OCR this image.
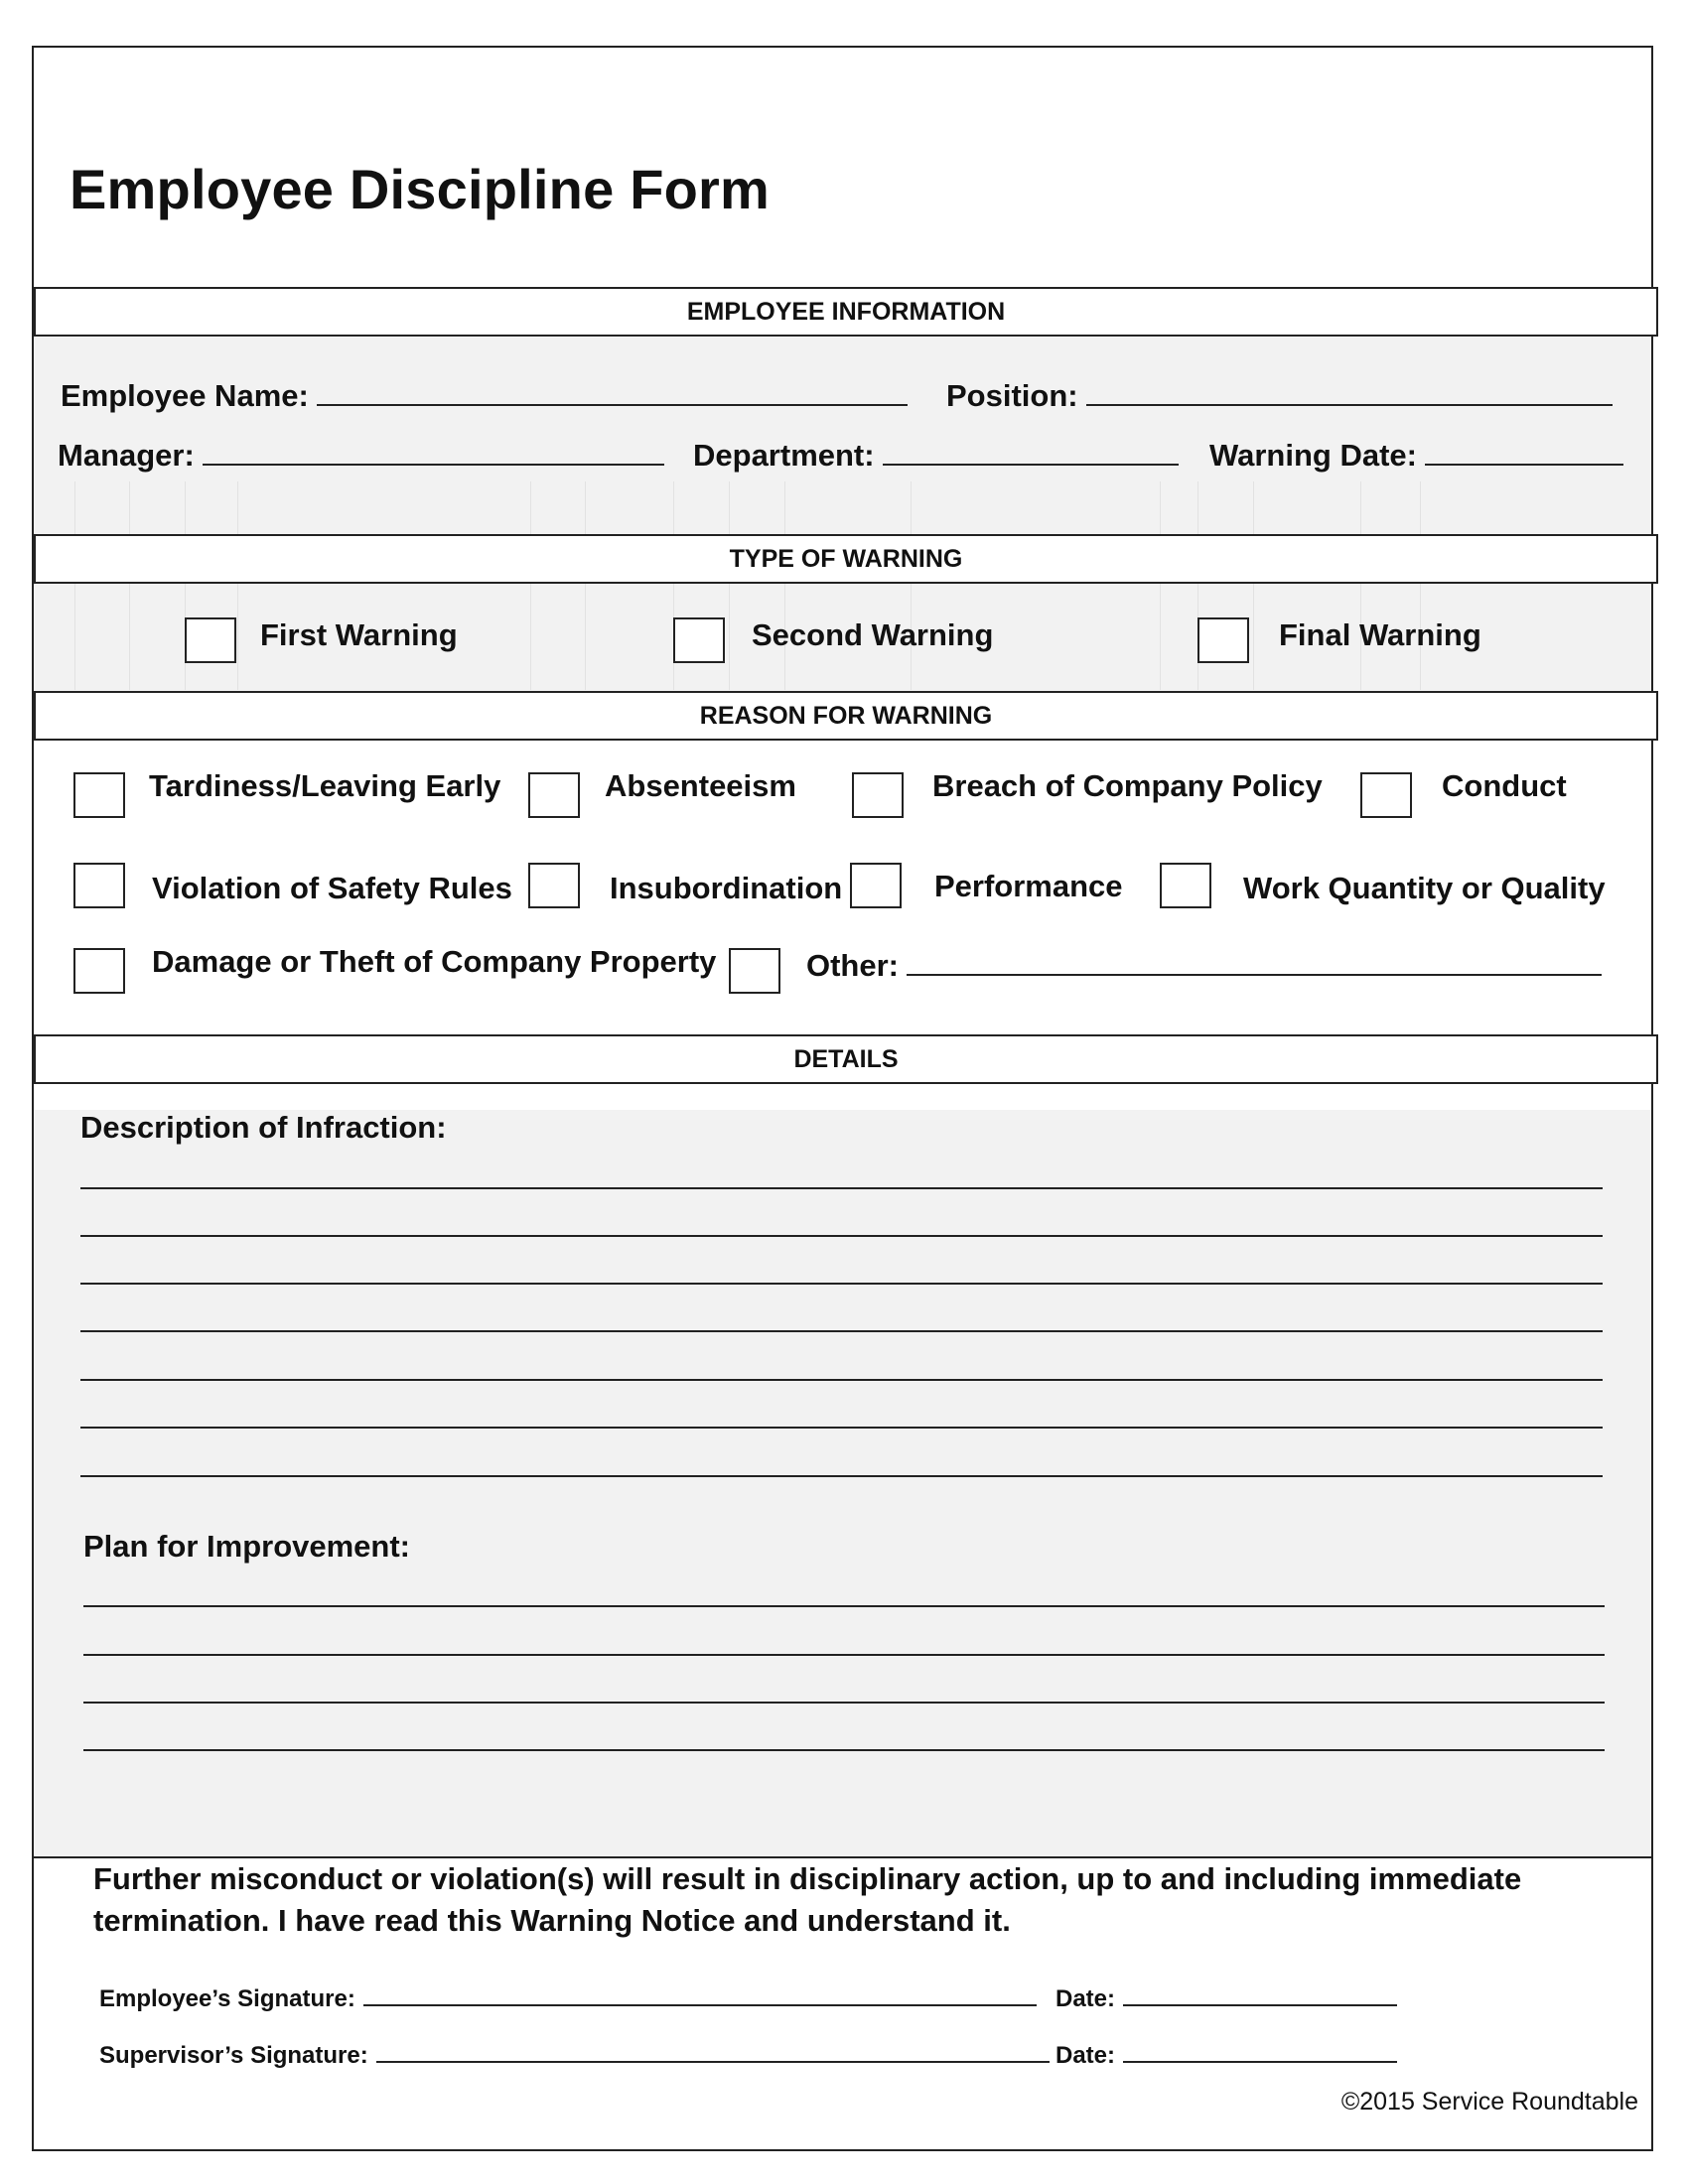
Employee Discipline Form
EMPLOYEE INFORMATION
TYPE OF WARNING
REASON FOR WARNING
DETAILS
Employee Name:	Position:
Manager:	Department:	Warning Date:
First Warning	Second Warning	Final Warning
Tardiness/Leaving Early	Absenteeism	Breach of Company Policy	Conduct
Violation of Safety Rules	Insubordination	Performance	Work Quantity or Quality
Damage or Theft of Company Property	Other:
Description of Infraction:
Plan for Improvement:
Further misconduct or violation(s) will result in disciplinary action, up to and including immediate termination. I have read this Warning Notice and understand it.
Employee’s Signature:	Date:
Supervisor’s Signature:	Date:
©2015 Service Roundtable
